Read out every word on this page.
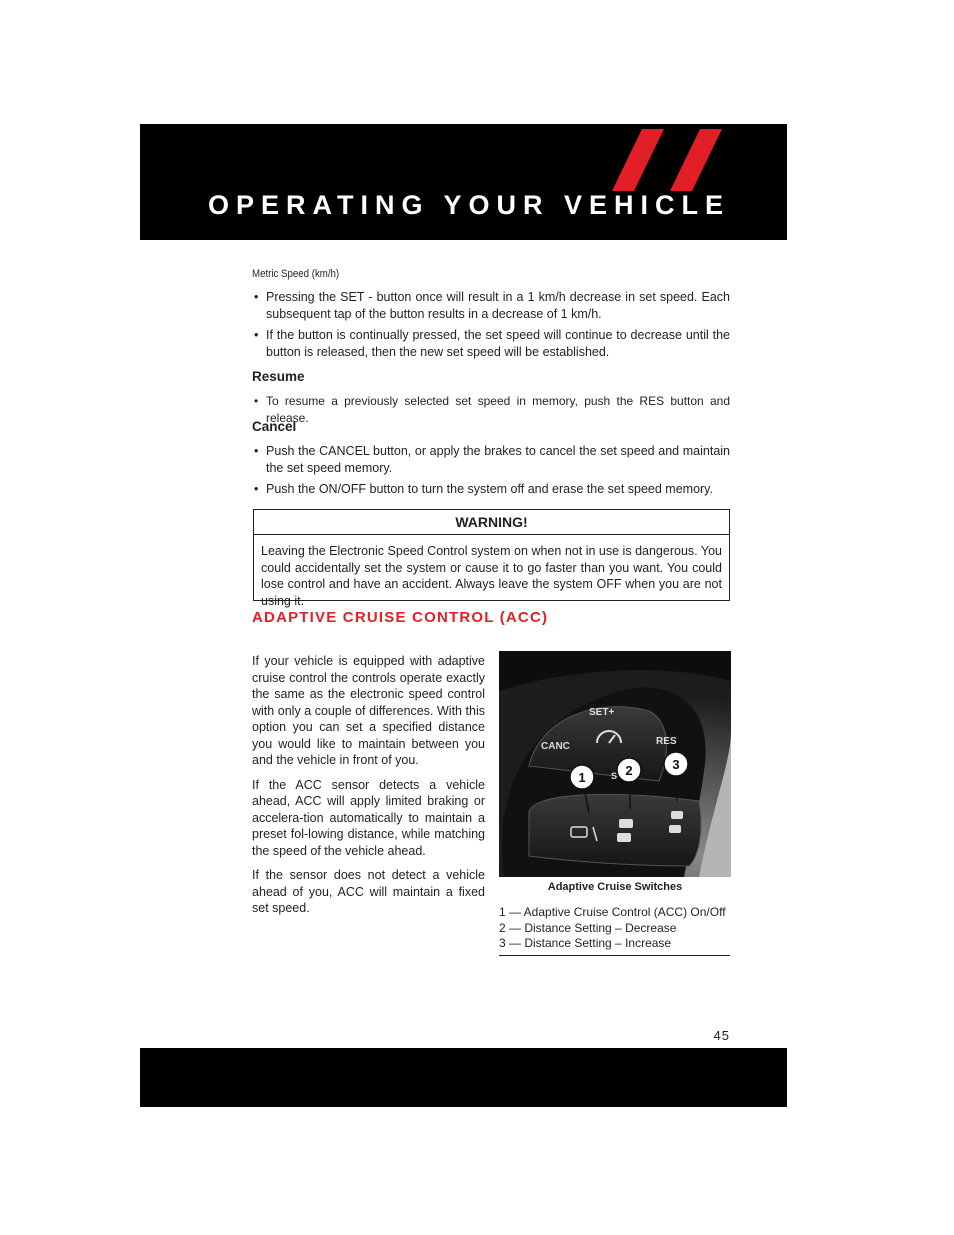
OPERATING YOUR VEHICLE
Metric Speed (km/h)
• Pressing the SET - button once will result in a 1 km/h decrease in set speed. Each subsequent tap of the button results in a decrease of 1 km/h.
• If the button is continually pressed, the set speed will continue to decrease until the button is released, then the new set speed will be established.
Resume
• To resume a previously selected set speed in memory, push the RES button and release.
Cancel
• Push the CANCEL button, or apply the brakes to cancel the set speed and maintain the set speed memory.
• Push the ON/OFF button to turn the system off and erase the set speed memory.
WARNING!
Leaving the Electronic Speed Control system on when not in use is dangerous. You could accidentally set the system or cause it to go faster than you want. You could lose control and have an accident. Always leave the system OFF when you are not using it.
ADAPTIVE CRUISE CONTROL (ACC)

If your vehicle is equipped with adaptive cruise control the controls operate exactly the same as the electronic speed control with only a couple of differences. With this option you can set a specified distance you would like to maintain between you and the vehicle in front of you.

If the ACC sensor detects a vehicle ahead, ACC will apply limited braking or accelera-tion automatically to maintain a preset fol-lowing distance, while matching the speed of the vehicle ahead.

If the sensor does not detect a vehicle ahead of you, ACC will maintain a fixed set speed.

SET+
CANC	RES
S
1	2	3
Adaptive Cruise Switches
1 — Adaptive Cruise Control (ACC) On/Off
2 — Distance Setting – Decrease
3 — Distance Setting – Increase
45
